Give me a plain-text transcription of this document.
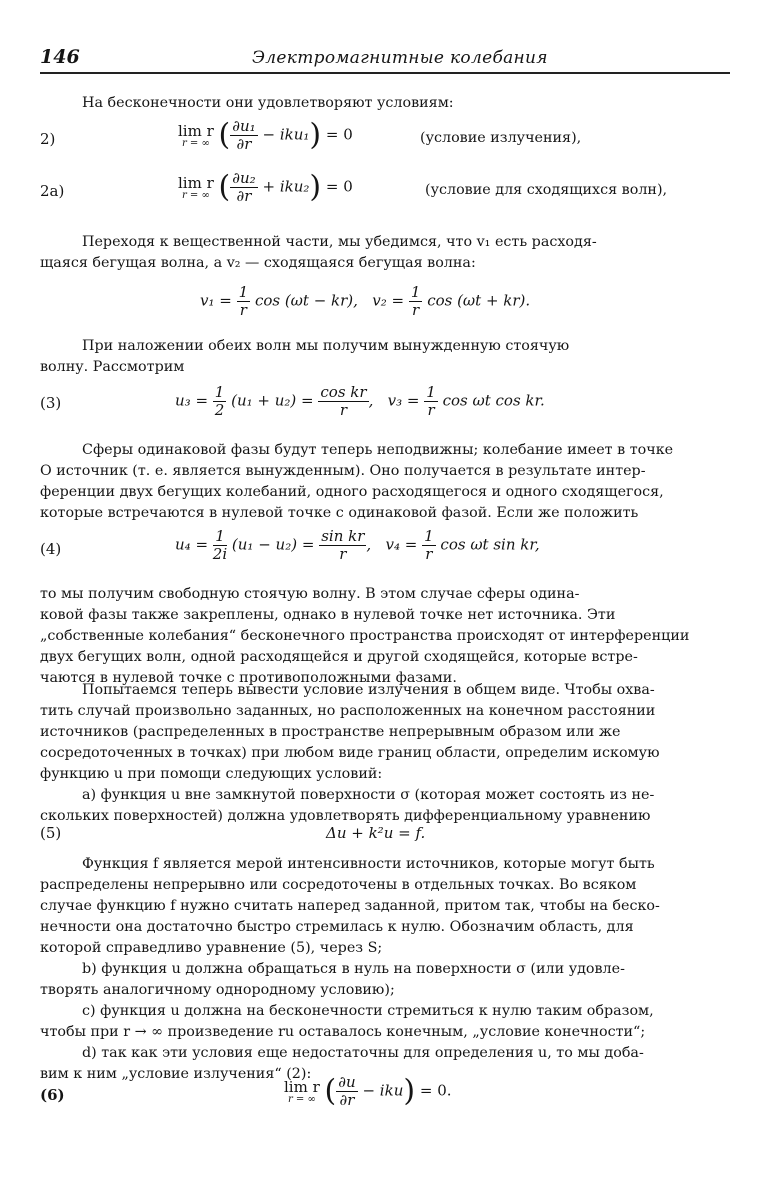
146	Электромагнитные колебания
На бесконечности они удовлетворяют условиям:
2)	lim r
r = ∞ ( $\frac{\text{∂u₁}}{\partial r} - iku_1) = 0$	(условие излучения),
2a)	lim r
r = ∞ ( $\frac{\text{∂u₂}}{\partial r} + iku_2) = 0$	(условие для сходящихся волн),
Переходя к вещественной части, мы убедимся, что v₁ есть расходя-
щаяся бегущая волна, а v₂ — сходящаяся бегущая волна:
$v_1 = \frac{1}{r}$ cos (ωt − kr), $v_2 = \frac{1}{r}$ cos (ωt + kr).
При наложении обеих волн мы получим вынужденную стоячую
волну. Рассмотрим
(3)	$u_3 = \frac{1}{2} (u_1 + u_2) = \frac{\text{cos kr}}{r}$ , $v_3 = \frac{1}{r}$ cos ωt cos kr.
Сферы одинаковой фазы будут теперь неподвижны; колебание имеет в точке
O источник (т. е. является вынужденным). Оно получается в результате интер-
ференции двух бегущих колебаний, одного расходящегося и одного сходящегося,
которые встречаются в нулевой точке с одинаковой фазой. Если же положить
(4)	$u_4 = \frac{1}{2i} (u_1 - u_2) = \frac{\text{sin kr}}{r}$ , $v_4 = \frac{1}{r}$ cos ωt sin kr,
то мы получим свободную стоячую волну. В этом случае сферы одина-
ковой фазы также закреплены, однако в нулевой точке нет источника. Эти
„собственные колебания“ бесконечного пространства происходят от интерференции
двух бегущих волн, одной расходящейся и другой сходящейся, которые встре-
чаются в нулевой точке с противоположными фазами.
Попытаемся теперь вывести условие излучения в общем виде. Чтобы охва-
тить случай произвольно заданных, но расположенных на конечном расстоянии
источников (распределенных в пространстве непрерывным образом или же
сосредоточенных в точках) при любом виде границ области, определим искомую
функцию u при помощи следующих условий:
a) функция u вне замкнутой поверхности σ (которая может состоять из не-
скольких поверхностей) должна удовлетворять дифференциальному уравнению
(5)	Δu + k²u = f.
Функция f является мерой интенсивности источников, которые могут быть
распределены непрерывно или сосредоточены в отдельных точках. Во всяком
случае функцию f нужно считать наперед заданной, притом так, чтобы на беско-
нечности она достаточно быстро стремилась к нулю. Обозначим область, для
которой справедливо уравнение (5), через S;
b) функция u должна обращаться в нуль на поверхности σ (или удовле-
творять аналогичному однородному условию);
c) функция u должна на бесконечности стремиться к нулю таким образом,
чтобы при r → ∞ произведение ru оставалось конечным, „условие конечности“;
d) так как эти условия еще недостаточны для определения u, то мы доба-
вим к ним „условие излучения“ (2):
(6)	lim r
r = ∞ ( $\frac{\partial u}{\partial r} - iku) = 0$.
